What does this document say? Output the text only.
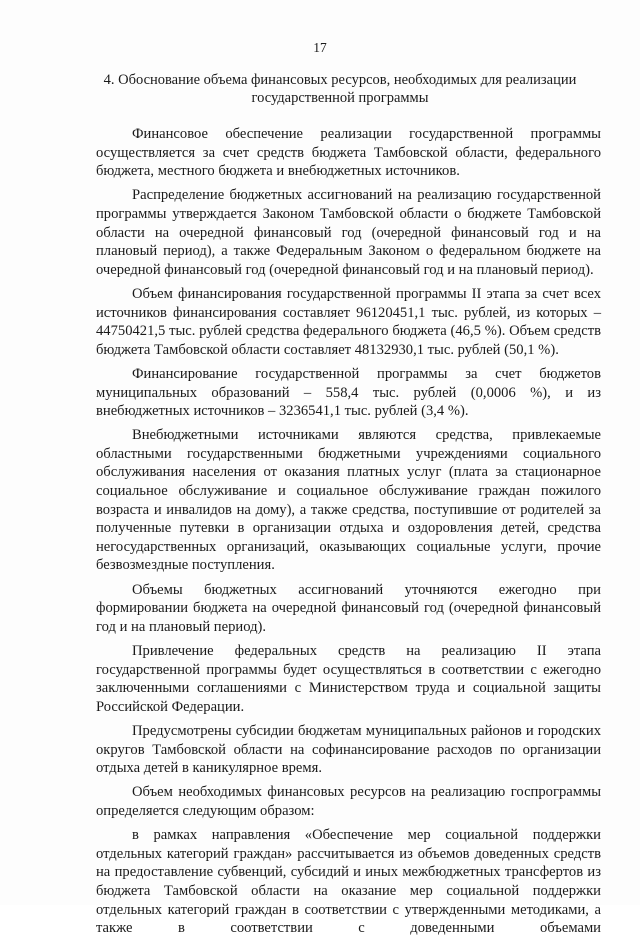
17
4. Обоснование объема финансовых ресурсов, необходимых для реализации государственной программы

Финансовое обеспечение реализации государственной программы осуществляется за счет средств бюджета Тамбовской области, федерального бюджета, местного бюджета и внебюджетных источников.

Распределение бюджетных ассигнований на реализацию государственной программы утверждается Законом Тамбовской области о бюджете Тамбовской области на очередной финансовый год (очередной финансовый год и на плановый период), а также Федеральным Законом о федеральном бюджете на очередной финансовый год (очередной финансовый год и на плановый период).

Объем финансирования государственной программы II этапа за счет всех источников финансирования составляет 96120451,1 тыс. рублей, из которых – 44750421,5 тыс. рублей средства федерального бюджета (46,5 %). Объем средств бюджета Тамбовской области составляет 48132930,1 тыс. рублей (50,1 %).

Финансирование государственной программы за счет бюджетов муниципальных образований – 558,4 тыс. рублей (0,0006 %), и из внебюджетных источников – 3236541,1 тыс. рублей (3,4 %).

Внебюджетными источниками являются средства, привлекаемые областными государственными бюджетными учреждениями социального обслуживания населения от оказания платных услуг (плата за стационарное социальное обслуживание и социальное обслуживание граждан пожилого возраста и инвалидов на дому), а также средства, поступившие от родителей за полученные путевки в организации отдыха и оздоровления детей, средства негосударственных организаций, оказывающих социальные услуги, прочие безвозмездные поступления.

Объемы бюджетных ассигнований уточняются ежегодно при формировании бюджета на очередной финансовый год (очередной финансовый год и на плановый период).

Привлечение федеральных средств на реализацию II этапа государственной программы будет осуществляться в соответствии с ежегодно заключенными соглашениями с Министерством труда и социальной защиты Российской Федерации.

Предусмотрены субсидии бюджетам муниципальных районов и городских округов Тамбовской области на софинансирование расходов по организации отдыха детей в каникулярное время.

Объем необходимых финансовых ресурсов на реализацию госпрограммы определяется следующим образом:

в рамках направления «Обеспечение мер социальной поддержки отдельных категорий граждан» рассчитывается из объемов доведенных средств на предоставление субвенций, субсидий и иных межбюджетных трансфертов из бюджета Тамбовской области на оказание мер социальной поддержки отдельных категорий граждан в соответствии с утвержденными методиками, а также в соответствии с доведенными объемами
